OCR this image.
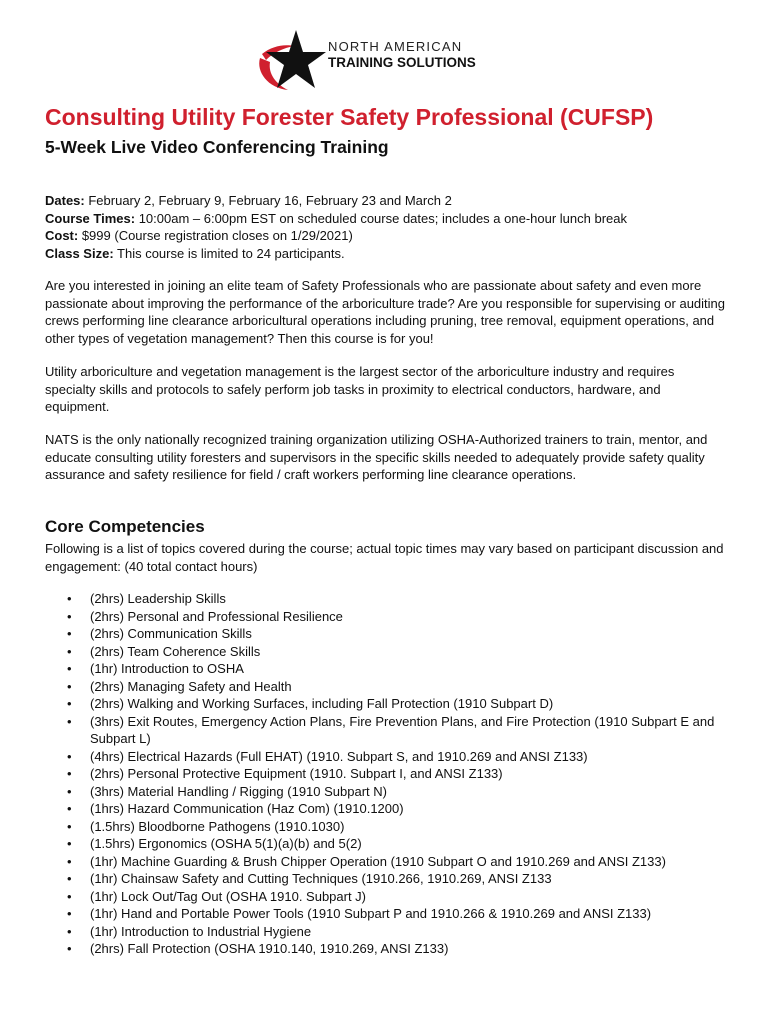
NORTH AMERICAN
TRAINING SOLUTIONS
Consulting Utility Forester Safety Professional (CUFSP)
5-Week Live Video Conferencing Training
Dates: February 2, February 9, February 16, February 23 and March 2
Course Times: 10:00am – 6:00pm EST on scheduled course dates; includes a one-hour lunch break
Cost: $999 (Course registration closes on 1/29/2021)
Class Size: This course is limited to 24 participants.

Are you interested in joining an elite team of Safety Professionals who are passionate about safety and even more passionate about improving the performance of the arboriculture trade? Are you responsible for supervising or auditing crews performing line clearance arboricultural operations including pruning, tree removal, equipment operations, and other types of vegetation management? Then this course is for you!

Utility arboriculture and vegetation management is the largest sector of the arboriculture industry and requires specialty skills and protocols to safely perform job tasks in proximity to electrical conductors, hardware, and equipment.

NATS is the only nationally recognized training organization utilizing OSHA-Authorized trainers to train, mentor, and educate consulting utility foresters and supervisors in the specific skills needed to adequately provide safety quality assurance and safety resilience for field / craft workers performing line clearance operations.

Core Competencies

Following is a list of topics covered during the course; actual topic times may vary based on participant discussion and engagement: (40 total contact hours)

• (2hrs) Leadership Skills
• (2hrs) Personal and Professional Resilience
• (2hrs) Communication Skills
• (2hrs) Team Coherence Skills
• (1hr) Introduction to OSHA
• (2hrs) Managing Safety and Health
• (2hrs) Walking and Working Surfaces, including Fall Protection (1910 Subpart D)
• (3hrs) Exit Routes, Emergency Action Plans, Fire Prevention Plans, and Fire Protection (1910 Subpart E and Subpart L)
• (4hrs) Electrical Hazards (Full EHAT) (1910. Subpart S, and 1910.269 and ANSI Z133)
• (2hrs) Personal Protective Equipment (1910. Subpart I, and ANSI Z133)
• (3hrs) Material Handling / Rigging (1910 Subpart N)
• (1hrs) Hazard Communication (Haz Com) (1910.1200)
• (1.5hrs) Bloodborne Pathogens (1910.1030)
• (1.5hrs) Ergonomics (OSHA 5(1)(a)(b) and 5(2)
• (1hr) Machine Guarding & Brush Chipper Operation (1910 Subpart O and 1910.269 and ANSI Z133)
• (1hr) Chainsaw Safety and Cutting Techniques (1910.266, 1910.269, ANSI Z133
• (1hr) Lock Out/Tag Out (OSHA 1910. Subpart J)
• (1hr) Hand and Portable Power Tools (1910 Subpart P and 1910.266 & 1910.269 and ANSI Z133)
• (1hr) Introduction to Industrial Hygiene
• (2hrs) Fall Protection (OSHA 1910.140, 1910.269, ANSI Z133)
